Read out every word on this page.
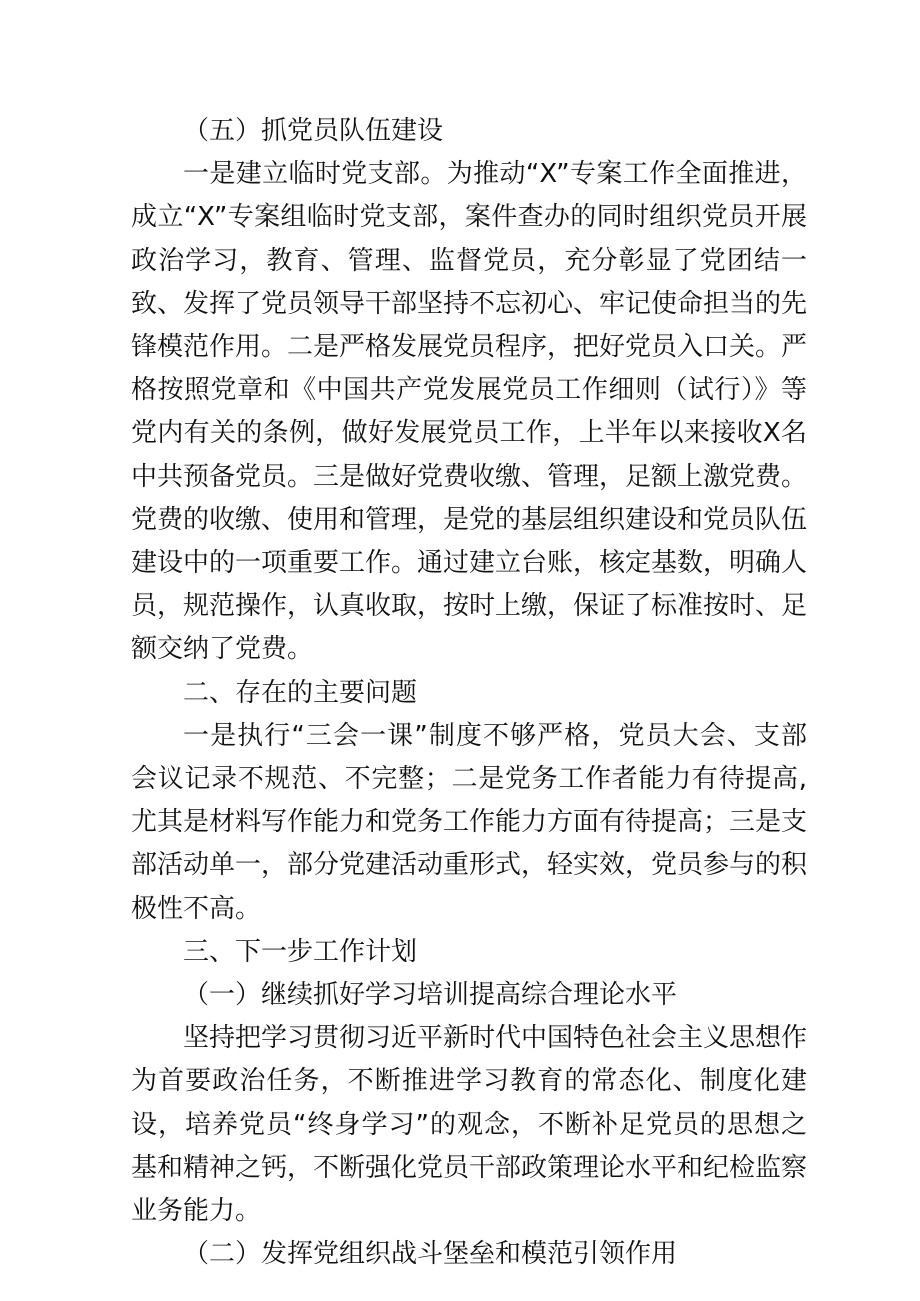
（五）抓党员队伍建设

一是建立临时党支部。为推动“X”专案工作全面推进，成立“X”专案组临时党支部，案件查办的同时组织党员开展政治学习，教育、管理、监督党员，充分彰显了党团结一致、发挥了党员领导干部坚持不忘初心、牢记使命担当的先锋模范作用。二是严格发展党员程序，把好党员入口关。严格按照党章和《中国共产党发展党员工作细则（试行）》等党内有关的条例，做好发展党员工作，上半年以来接收X名中共预备党员。三是做好党费收缴、管理，足额上激党费。党费的收缴、使用和管理，是党的基层组织建设和党员队伍建设中的一项重要工作。通过建立台账，核定基数，明确人员，规范操作，认真收取，按时上缴，保证了标准按时、足额交纳了党费。

二、存在的主要问题

一是执行“三会一课”制度不够严格，党员大会、支部会议记录不规范、不完整；二是党务工作者能力有待提高,尤其是材料写作能力和党务工作能力方面有待提高；三是支部活动单一，部分党建活动重形式，轻实效，党员参与的积极性不高。

三、下一步工作计划

（一）继续抓好学习培训提高综合理论水平

坚持把学习贯彻习近平新时代中国特色社会主义思想作为首要政治任务，不断推进学习教育的常态化、制度化建设，培养党员“终身学习”的观念，不断补足党员的思想之基和精神之钙，不断强化党员干部政策理论水平和纪检监察业务能力。

（二）发挥党组织战斗堡垒和模范引领作用
